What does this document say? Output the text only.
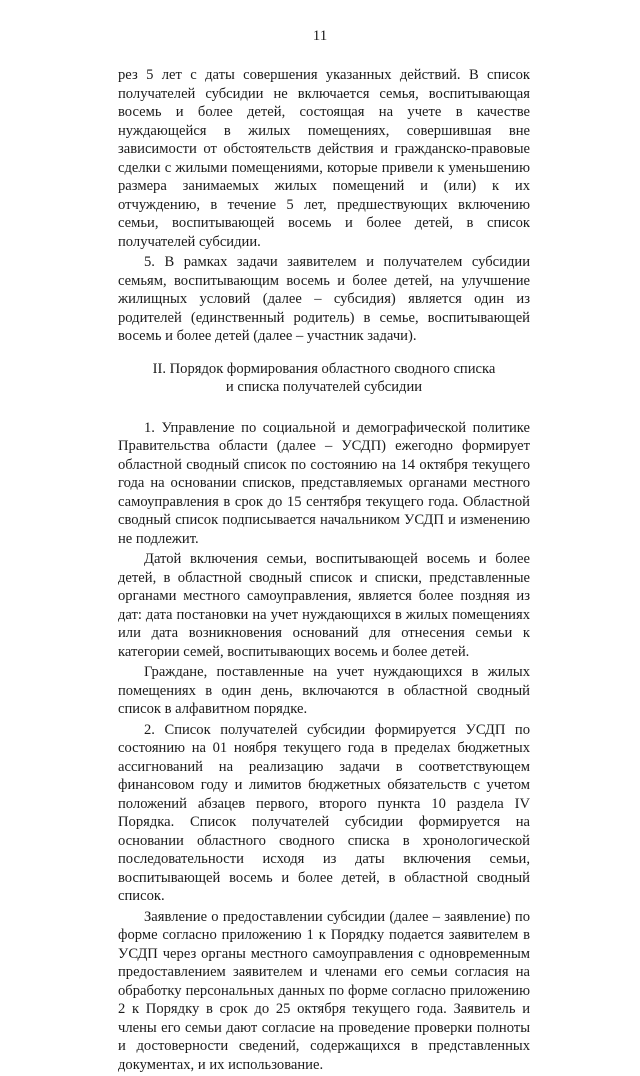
11

рез 5 лет с даты совершения указанных действий. В список получателей субсидии не включается семья, воспитывающая восемь и более детей, состоящая на учете в качестве нуждающейся в жилых помещениях, совершившая вне зависимости от обстоятельств действия и гражданско-правовые сделки с жилыми помещениями, которые привели к уменьшению размера занимаемых жилых помещений и (или) к их отчуждению, в течение 5 лет, предшествующих включению семьи, воспитывающей восемь и более детей, в список получателей субсидии.

5. В рамках задачи заявителем и получателем субсидии семьям, воспитывающим восемь и более детей, на улучшение жилищных условий (далее – субсидия) является один из родителей (единственный родитель) в семье, воспитывающей восемь и более детей (далее – участник задачи).

II. Порядок формирования областного сводного списка
и списка получателей субсидии

1. Управление по социальной и демографической политике Правительства области (далее – УСДП) ежегодно формирует областной сводный список по состоянию на 14 октября текущего года на основании списков, представляемых органами местного самоуправления в срок до 15 сентября текущего года. Областной сводный список подписывается начальником УСДП и изменению не подлежит.

Датой включения семьи, воспитывающей восемь и более детей, в областной сводный список и списки, представленные органами местного самоуправления, является более поздняя из дат: дата постановки на учет нуждающихся в жилых помещениях или дата возникновения оснований для отнесения семьи к категории семей, воспитывающих восемь и более детей.

Граждане, поставленные на учет нуждающихся в жилых помещениях в один день, включаются в областной сводный список в алфавитном порядке.

2. Список получателей субсидии формируется УСДП по состоянию на 01 ноября текущего года в пределах бюджетных ассигнований на реализацию задачи в соответствующем финансовом году и лимитов бюджетных обязательств с учетом положений абзацев первого, второго пункта 10 раздела IV Порядка. Список получателей субсидии формируется на основании областного сводного списка в хронологической последовательности исходя из даты включения семьи, воспитывающей восемь и более детей, в областной сводный список.

Заявление о предоставлении субсидии (далее – заявление) по форме согласно приложению 1 к Порядку подается заявителем в УСДП через органы местного самоуправления с одновременным предоставлением заявителем и членами его семьи согласия на обработку персональных данных по форме согласно приложению 2 к Порядку в срок до 25 октября текущего года. Заявитель и члены его семьи дают согласие на проведение проверки полноты и достоверности сведений, содержащихся в представленных документах, и их использование.
